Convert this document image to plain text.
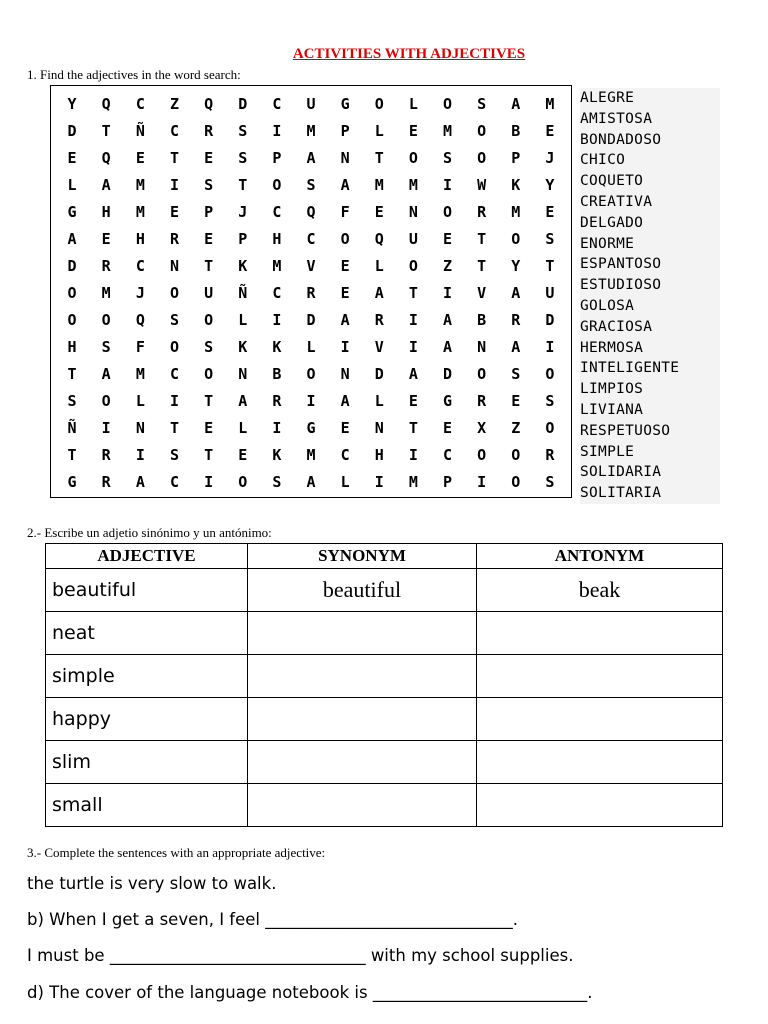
ACTIVITIES WITH ADJECTIVES
1. Find the adjectives in the word search:
Y	Q	C	Z	Q	D	C	U	G	O	L	O	S	A	M
D	T	Ñ	C	R	S	I	M	P	L	E	M	O	B	E
E	Q	E	T	E	S	P	A	N	T	O	S	O	P	J
L	A	M	I	S	T	O	S	A	M	M	I	W	K	Y
G	H	M	E	P	J	C	Q	F	E	N	O	R	M	E
A	E	H	R	E	P	H	C	O	Q	U	E	T	O	S
D	R	C	N	T	K	M	V	E	L	O	Z	T	Y	T
O	M	J	O	U	Ñ	C	R	E	A	T	I	V	A	U
O	O	Q	S	O	L	I	D	A	R	I	A	B	R	D
H	S	F	O	S	K	K	L	I	V	I	A	N	A	I
T	A	M	C	O	N	B	O	N	D	A	D	O	S	O
S	O	L	I	T	A	R	I	A	L	E	G	R	E	S
Ñ	I	N	T	E	L	I	G	E	N	T	E	X	Z	O
T	R	I	S	T	E	K	M	C	H	I	C	O	O	R
G	R	A	C	I	O	S	A	L	I	M	P	I	O	S
ALEGRE
AMISTOSA
BONDADOSO
CHICO
COQUETO
CREATIVA
DELGADO
ENORME
ESPANTOSO
ESTUDIOSO
GOLOSA
GRACIOSA
HERMOSA
INTELIGENTE
LIMPIOS
LIVIANA
RESPETUOSO
SIMPLE
SOLIDARIA
SOLITARIA
2.- Escribe un adjetio sinónimo y un antónimo:
ADJECTIVE	SYNONYM	ANTONYM
beautiful	beautiful	beak
neat		
simple		
happy		
slim		
small		
3.- Complete the sentences with an appropriate adjective:
the turtle is very slow to walk.
b) When I get a seven, I feel ______________________________.
I must be _______________________________ with my school supplies.
d) The cover of the language notebook is __________________________.
